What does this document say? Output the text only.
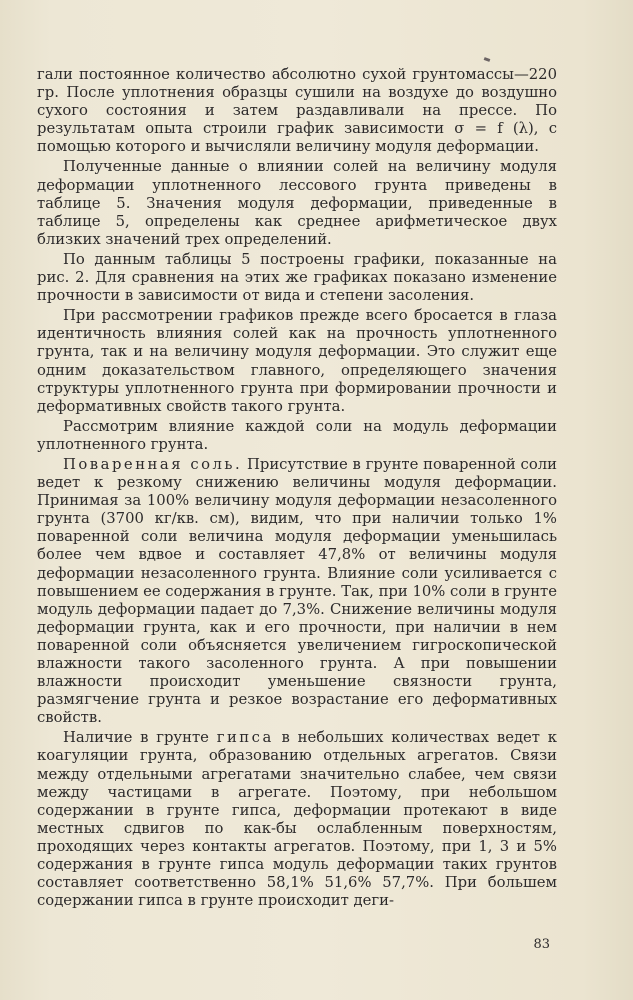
гали постоянное количество абсолютно сухой грунтомассы—220 гр. После уплотнения образцы сушили на воздухе до воздушно сухого состояния и затем раздавливали на прессе. По результатам опыта строили график зависимости σ = f (λ), с помощью которого и вычисляли величину модуля деформации.

Полученные данные о влиянии солей на величину модуля деформации уплотненного лессового грунта приведены в таблице 5. Значения модуля деформации, приведенные в таблице 5, определены как среднее арифметическое двух близких значений трех определений.

По данным таблицы 5 построены графики, показанные на рис. 2. Для сравнения на этих же графиках показано изменение прочности в зависимости от вида и степени засоления.

При рассмотрении графиков прежде всего бросается в глаза идентичность влияния солей как на прочность уплотненного грунта, так и на величину модуля деформации. Это служит еще одним доказательством главного, определяющего значения структуры уплотненного грунта при формировании прочности и деформативных свойств такого грунта.

Рассмотрим влияние каждой соли на модуль деформации уплотненного грунта.

Поваренная соль. Присутствие в грунте поваренной соли ведет к резкому снижению величины модуля деформации. Принимая за 100% величину модуля деформации незасоленного грунта (3700 кг/кв. см), видим, что при наличии только 1% поваренной соли величина модуля деформации уменьшилась более чем вдвое и составляет 47,8% от величины модуля деформации незасоленного грунта. Влияние соли усиливается с повышением ее содержания в грунте. Так, при 10% соли в грунте модуль деформации падает до 7,3%. Снижение величины модуля деформации грунта, как и его прочности, при наличии в нем поваренной соли объясняется увеличением гигроскопической влажности такого засоленного грунта. А при повышении влажности происходит уменьшение связности грунта, размягчение грунта и резкое возрастание его деформативных свойств.

Наличие в грунте гипса в небольших количествах ведет к коагуляции грунта, образованию отдельных агрегатов. Связи между отдельными агрегатами значительно слабее, чем связи между частицами в агрегате. Поэтому, при небольшом содержании в грунте гипса, деформации протекают в виде местных сдвигов по как-бы ослабленным поверхностям, проходящих через контакты агрегатов. Поэтому, при 1, 3 и 5% содержания в грунте гипса модуль деформации таких грунтов составляет соответственно 58,1% 51,6% 57,7%. При большем содержании гипса в грунте происходит деги-

83
